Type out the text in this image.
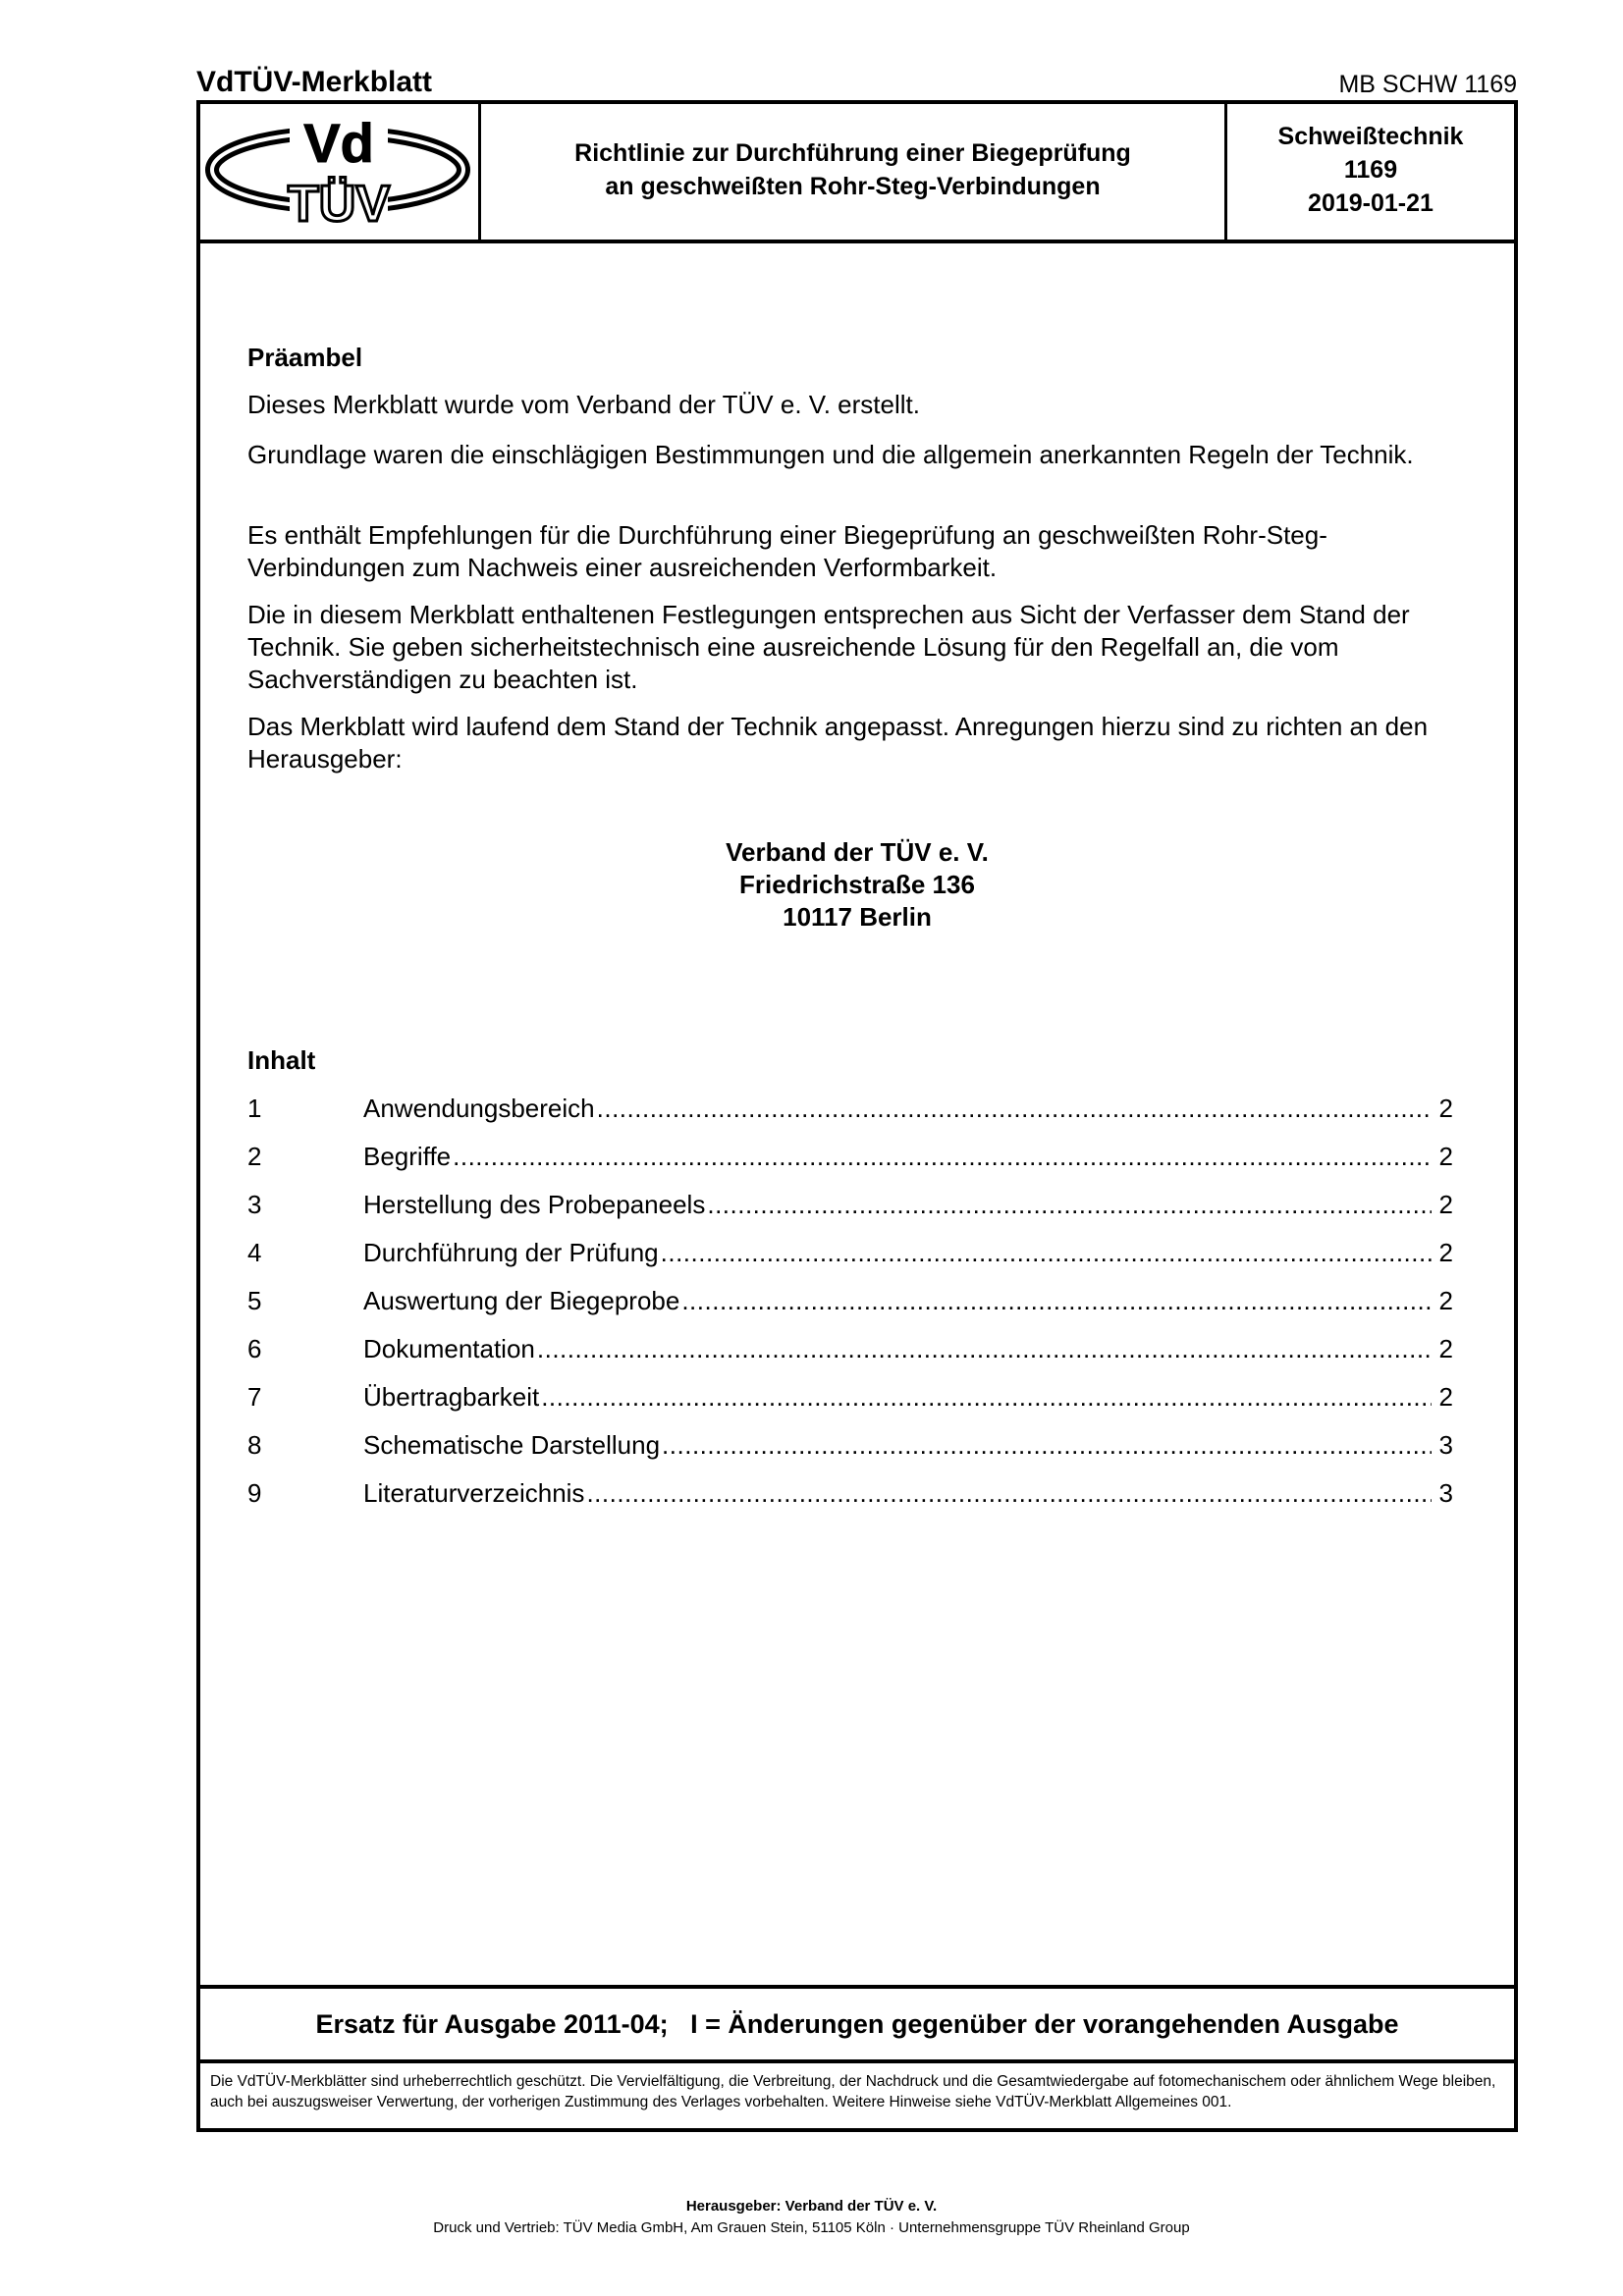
VdTÜV-Merkblatt	MB SCHW 1169
Vd
TÜV
Richtlinie zur Durchführung einer Biegeprüfung
an geschweißten Rohr-Steg-Verbindungen
Schweißtechnik
1169
2019-01-21
Präambel

Dieses Merkblatt wurde vom Verband der TÜV e. V. erstellt.

Grundlage waren die einschlägigen Bestimmungen und die allgemein anerkannten Regeln der Technik.

Es enthält Empfehlungen für die Durchführung einer Biegeprüfung an geschweißten Rohr-Steg-Verbindungen zum Nachweis einer ausreichenden Verformbarkeit.

Die in diesem Merkblatt enthaltenen Festlegungen entsprechen aus Sicht der Verfasser dem Stand der Technik. Sie geben sicherheitstechnisch eine ausreichende Lösung für den Regelfall an, die vom Sachverständigen zu beachten ist.

Das Merkblatt wird laufend dem Stand der Technik angepasst. Anregungen hierzu sind zu richten an den Herausgeber:

Verband der TÜV e. V.
Friedrichstraße 136
10117 Berlin
Inhalt
1	Anwendungsbereich .....	2
2	Begriffe .....	2
3	Herstellung des Probepaneels .....	2
4	Durchführung der Prüfung .....	2
5	Auswertung der Biegeprobe .....	2
6	Dokumentation .....	2
7	Übertragbarkeit .....	2
8	Schematische Darstellung .....	3
9	Literaturverzeichnis .....	3
Ersatz für Ausgabe 2011-04;   I = Änderungen gegenüber der vorangehenden Ausgabe
Die VdTÜV-Merkblätter sind urheberrechtlich geschützt. Die Vervielfältigung, die Verbreitung, der Nachdruck und die Gesamtwiedergabe auf fotomechanischem oder ähnlichem Wege bleiben, auch bei auszugsweiser Verwertung, der vorherigen Zustimmung des Verlages vorbehalten. Weitere Hinweise siehe VdTÜV-Merkblatt Allgemeines 001.
Herausgeber: Verband der TÜV e. V.
Druck und Vertrieb: TÜV Media GmbH, Am Grauen Stein, 51105 Köln · Unternehmensgruppe TÜV Rheinland Group
